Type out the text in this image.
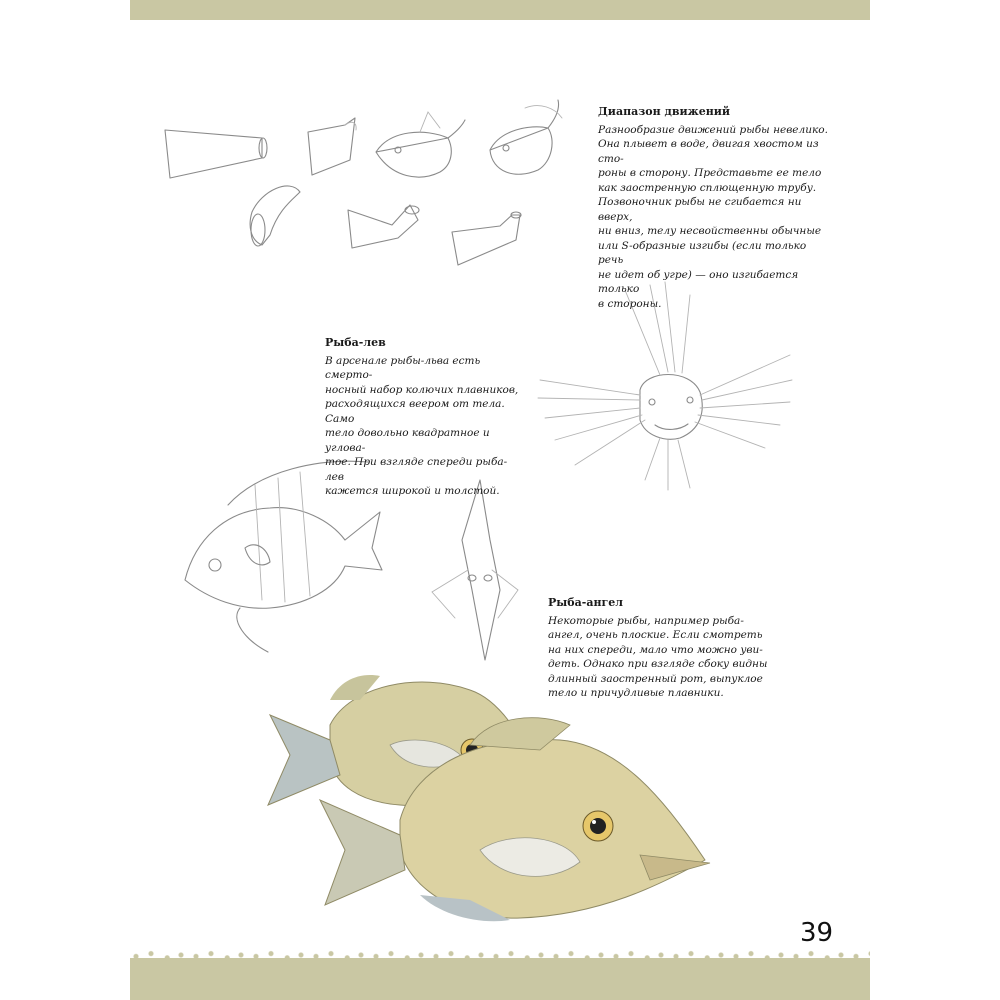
Диапазон движений

Разнообразие движений рыбы невелико.
Она плывет в воде, двигая хвостом из сто-
роны в сторону. Представьте ее тело
как заостренную сплющенную трубу.
Позвоночник рыбы не сгибается ни вверх,
ни вниз, телу несвойственны обычные
или S-образные изгибы (если только речь
не идет об угре) — оно изгибается только
в стороны.

Рыба-лев

В арсенале рыбы-льва есть смерто-
носный набор колючих плавников,
расходящихся веером от тела. Само
тело довольно квадратное и углова-
тое. При взгляде спереди рыба-лев
кажется широкой и толстой.

Рыба-ангел

Некоторые рыбы, например рыба-
ангел, очень плоские. Если смотреть
на них спереди, мало что можно уви-
деть. Однако при взгляде сбоку видны
длинный заостренный рот, выпуклое
тело и причудливые плавники.

39
